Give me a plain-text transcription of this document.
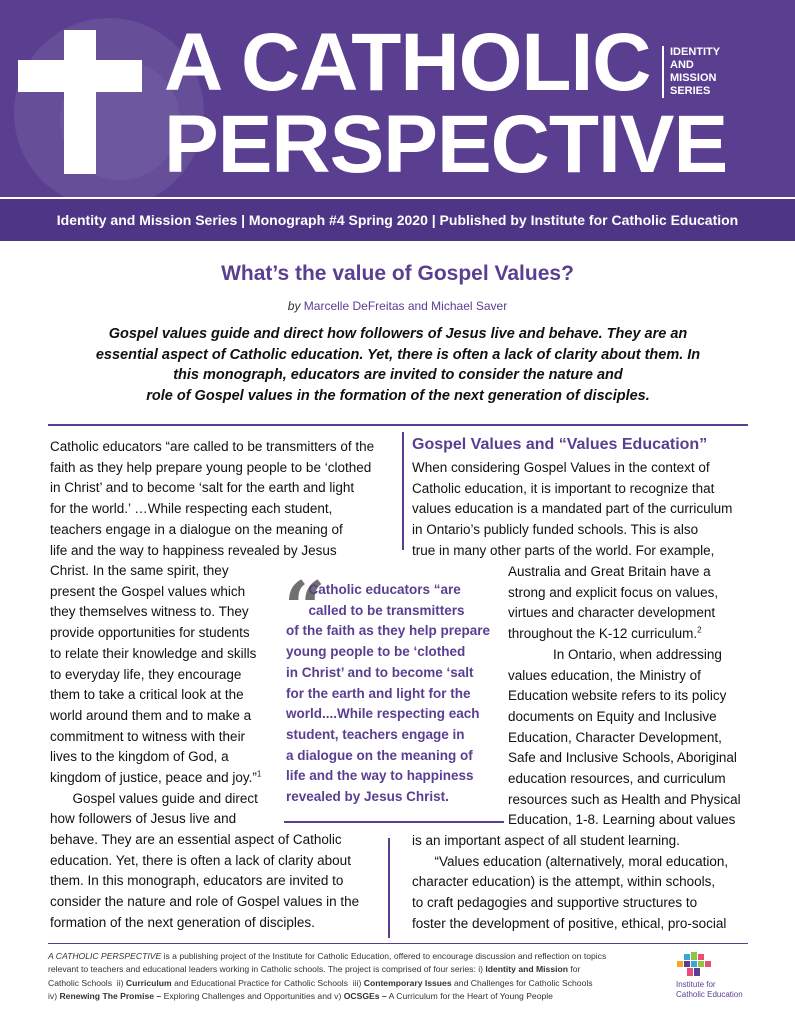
A CATHOLIC
PERSPECTIVE
IDENTITY
AND
MISSION
SERIES
Identity and Mission Series | Monograph #4 Spring 2020 | Published by Institute for Catholic Education
What’s the value of Gospel Values?
by Marcelle DeFreitas and Michael Saver
Gospel values guide and direct how followers of Jesus live and behave. They are an
essential aspect of Catholic education. Yet, there is often a lack of clarity about them. In
this monograph, educators are invited to consider the nature and
role of Gospel values in the formation of the next generation of disciples.
Catholic educators “are called to be transmitters of the
faith as they help prepare young people to be ‘clothed
in Christ’ and to become ‘salt for the earth and light
for the world.’ …While respecting each student,
teachers engage in a dialogue on the meaning of
life and the way to happiness revealed by Jesus
Christ. In the same spirit, they
present the Gospel values which
they themselves witness to. They
provide opportunities for students
to relate their knowledge and skills
to everyday life, they encourage
them to take a critical look at the
world around them and to make a
commitment to witness with their
lives to the kingdom of God, a
kingdom of justice, peace and joy.”$^1$
Gospel values guide and direct
how followers of Jesus live and
behave. They are an essential aspect of Catholic
education. Yet, there is often a lack of clarity about
them. In this monograph, educators are invited to
consider the nature and role of Gospel values in the
formation of the next generation of disciples.
“
Catholic educators “are
called to be transmitters
of the faith as they help prepare
young people to be ‘clothed
in Christ’ and to become ‘salt
for the earth and light for the
world....While respecting each
student, teachers engage in
a dialogue on the meaning of
life and the way to happiness
revealed by Jesus Christ.
Gospel Values and “Values Education”
When considering Gospel Values in the context of
Catholic education, it is important to recognize that
values education is a mandated part of the curriculum
in Ontario’s publicly funded schools. This is also
true in many other parts of the world. For example,
Australia and Great Britain have a
strong and explicit focus on values,
virtues and character development
throughout the K-12 curriculum.$^2$
In Ontario, when addressing
values education, the Ministry of
Education website refers to its policy
documents on Equity and Inclusive
Education, Character Development,
Safe and Inclusive Schools, Aboriginal
education resources, and curriculum
resources such as Health and Physical
Education, 1-8. Learning about values
is an important aspect of all student learning.
“Values education (alternatively, moral education,
character education) is the attempt, within schools,
to craft pedagogies and supportive structures to
foster the development of positive, ethical, pro-social
A CATHOLIC PERSPECTIVE is a publishing project of the Institute for Catholic Education, offered to encourage discussion and reflection on topics
relevant to teachers and educational leaders working in Catholic schools. The project is comprised of four series: i) Identity and Mission for
Catholic Schools  ii) Curriculum and Educational Practice for Catholic Schools  iii) Contemporary Issues and Challenges for Catholic Schools
iv) Renewing The Promise – Exploring Challenges and Opportunities and v) OCSGEs – A Curriculum for the Heart of Young People
Institute for
Catholic Education
